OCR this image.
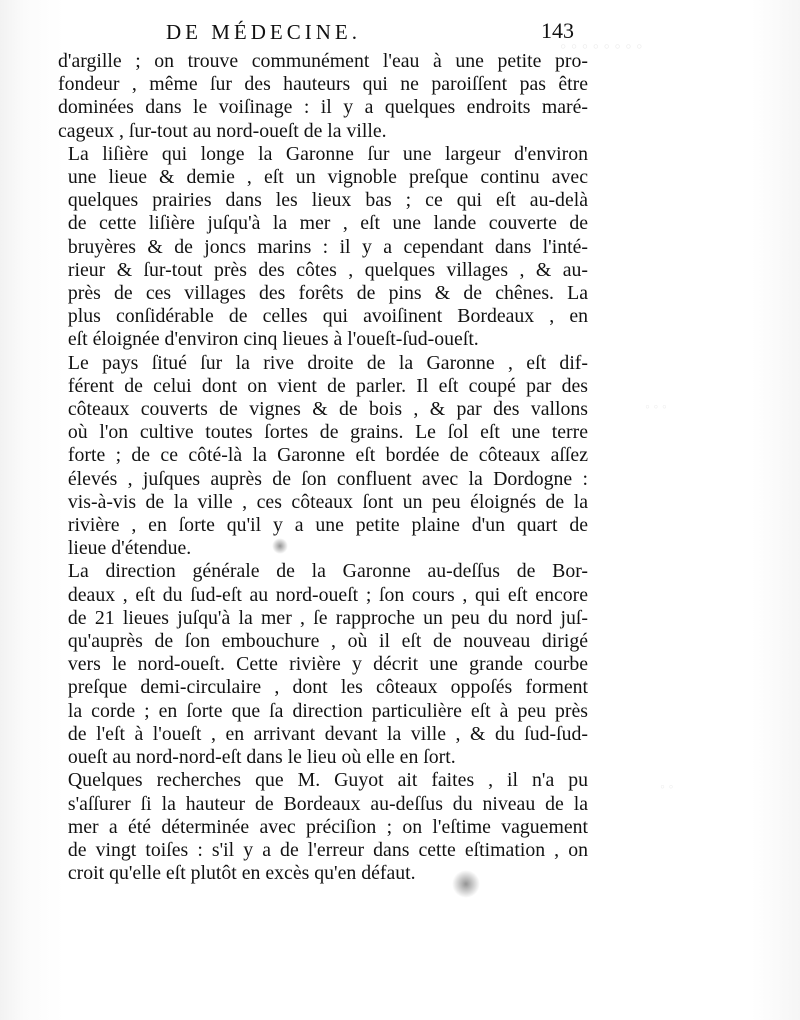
◦ ◦ ◦ ◦ ◦ ◦ ◦ ◦
◦ ◦ ◦
◦ ◦
DE MÉDECINE.	143

d'argille ; on trouve communément l'eau à une petite pro-
fondeur , même ſur des hauteurs qui ne paroiſſent pas être
dominées dans le voiſinage : il y a quelques endroits maré-
cageux , ſur-tout au nord-oueſt de la ville.

La liſière qui longe la Garonne ſur une largeur d'environ
une lieue & demie , eſt un vignoble preſque continu avec
quelques prairies dans les lieux bas ; ce qui eſt au-delà
de cette liſière juſqu'à la mer , eſt une lande couverte de
bruyères & de joncs marins : il y a cependant dans l'inté-
rieur & ſur-tout près des côtes , quelques villages , & au-
près de ces villages des forêts de pins & de chênes. La
plus conſidérable de celles qui avoiſinent Bordeaux , en
eſt éloignée d'environ cinq lieues à l'oueſt-ſud-oueſt.

Le pays ſitué ſur la rive droite de la Garonne , eſt dif-
férent de celui dont on vient de parler. Il eſt coupé par des
côteaux couverts de vignes & de bois , & par des vallons
où l'on cultive toutes ſortes de grains. Le ſol eſt une terre
forte ; de ce côté-là la Garonne eſt bordée de côteaux aſſez
élevés , juſques auprès de ſon confluent avec la Dordogne :
vis-à-vis de la ville , ces côteaux ſont un peu éloignés de la
rivière , en ſorte qu'il y a une petite plaine d'un quart de
lieue d'étendue.

La direction générale de la Garonne au-deſſus de Bor-
deaux , eſt du ſud-eſt au nord-oueſt ; ſon cours , qui eſt encore
de 21 lieues juſqu'à la mer , ſe rapproche un peu du nord juſ-
qu'auprès de ſon embouchure , où il eſt de nouveau dirigé
vers le nord-oueſt. Cette rivière y décrit une grande courbe
preſque demi-circulaire , dont les côteaux oppoſés forment
la corde ; en ſorte que ſa direction particulière eſt à peu près
de l'eſt à l'oueſt , en arrivant devant la ville , & du ſud-ſud-
oueſt au nord-nord-eſt dans le lieu où elle en ſort.

Quelques recherches que M. Guyot ait faites , il n'a pu
s'aſſurer ſi la hauteur de Bordeaux au-deſſus du niveau de la
mer a été déterminée avec préciſion ; on l'eſtime vaguement
de vingt toiſes : s'il y a de l'erreur dans cette eſtimation , on
croit qu'elle eſt plutôt en excès qu'en défaut.
